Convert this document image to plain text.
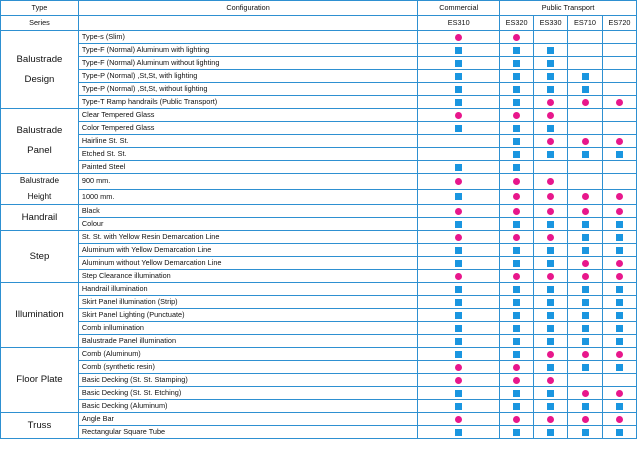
Type	Configuration	Commercial	Public Transport			
Series		ES310	ES320	ES330	ES710	ES720

Balustrade
Design	Type-s (Slim)					
	Type-F (Normal) Aluminum with lighting					
	Type-F (Normal) Aluminum without lighting					
	Type-P (Normal) ,St,St, with lighting					
	Type-P (Normal) ,St,St, without lighting					
	Type-T Ramp handrails (Public Transport)					

Balustrade
Panel	Clear Tempered Glass					
	Color Tempered Glass					
	Hairline St. St.					
	Etched St. St.					
	Painted Steel					

Balustrade
Height	900 mm.					
	1000 mm.					

Handrail	Black					
	Colour					

Step	St. St. with Yellow Resin Demarcation Line					
	Aluminum with Yellow Demarcation Line					
	Aluminum without Yellow Demarcation Line					
	Step Clearance illumination					

Illumination	Handrail illumination					
	Skirt Panel illumination (Strip)					
	Skirt Panel Lighting (Punctuate)					
	Comb inllumination					
	Balustrade Panel illumination					

Floor Plate	Comb (Aluminum)					
	Comb (synthetic resin)					
	Basic Decking (St. St. Stamping)					
	Basic Decking (St. St. Etching)					
	Basic Decking (Aluminum)					

Truss	Angle Bar					
	Rectangular Square Tube					
